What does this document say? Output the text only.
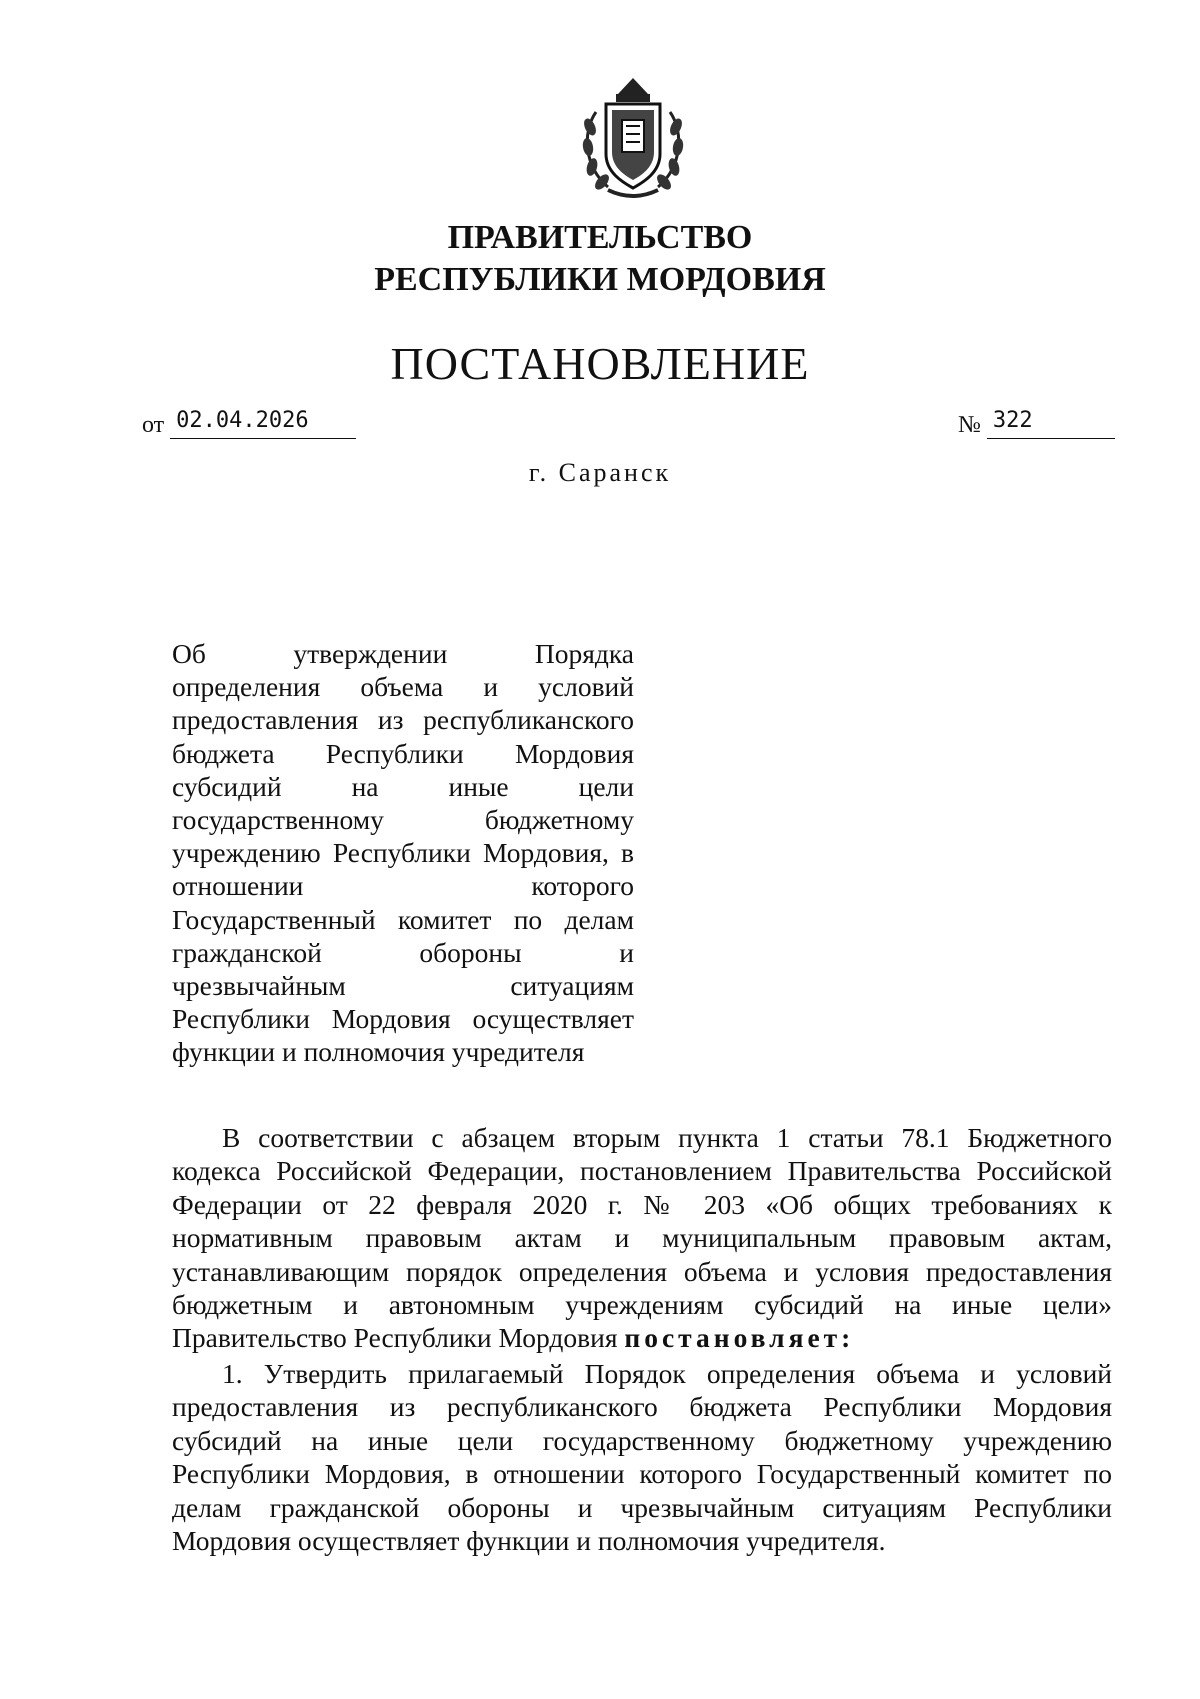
ПРАВИТЕЛЬСТВО
РЕСПУБЛИКИ МОРДОВИЯ
ПОСТАНОВЛЕНИЕ
от 02.04.2026	№ 322
г. Саранск
Об утверждении Порядка
определения объема и условий
предоставления из республиканского
бюджета Республики Мордовия
субсидий на иные цели
государственному бюджетному
учреждению Республики Мордовия, в
отношении которого
Государственный комитет по делам
гражданской обороны и
чрезвычайным ситуациям
Республики Мордовия осуществляет
функции и полномочия учредителя
В соответствии с абзацем вторым пункта 1 статьи 78.1 Бюджетного
кодекса Российской Федерации, постановлением Правительства Российской
Федерации от 22 февраля 2020 г. № 203 «Об общих требованиях к
нормативным правовым актам и муниципальным правовым актам,
устанавливающим порядок определения объема и условия предоставления
бюджетным и автономным учреждениям субсидий на иные цели»
Правительство Республики Мордовия постановляет:
1. Утвердить прилагаемый Порядок определения объема и условий
предоставления из республиканского бюджета Республики Мордовия
субсидий на иные цели государственному бюджетному учреждению
Республики Мордовия, в отношении которого Государственный комитет по
делам гражданской обороны и чрезвычайным ситуациям Республики
Мордовия осуществляет функции и полномочия учредителя.
